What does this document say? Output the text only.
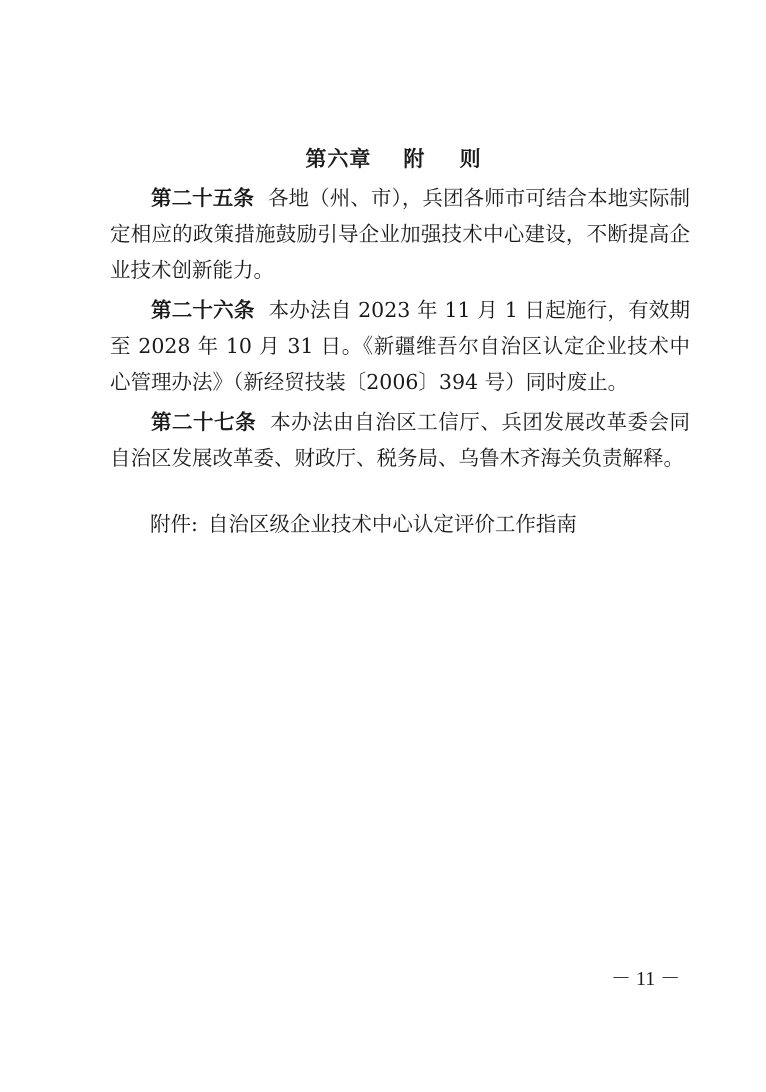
第六章 附 则

第二十五条 各地（州、市），兵团各师市可结合本地实际制定相应的政策措施鼓励引导企业加强技术中心建设，不断提高企业技术创新能力。

第二十六条 本办法自 2023 年 11 月 1 日起施行，有效期至 2028 年 10 月 31 日。《新疆维吾尔自治区认定企业技术中心管理办法》（新经贸技装〔2006〕394 号）同时废止。

第二十七条 本办法由自治区工信厅、兵团发展改革委会同自治区发展改革委、财政厅、税务局、乌鲁木齐海关负责解释。

附件: 自治区级企业技术中心认定评价工作指南
－ 11 －
